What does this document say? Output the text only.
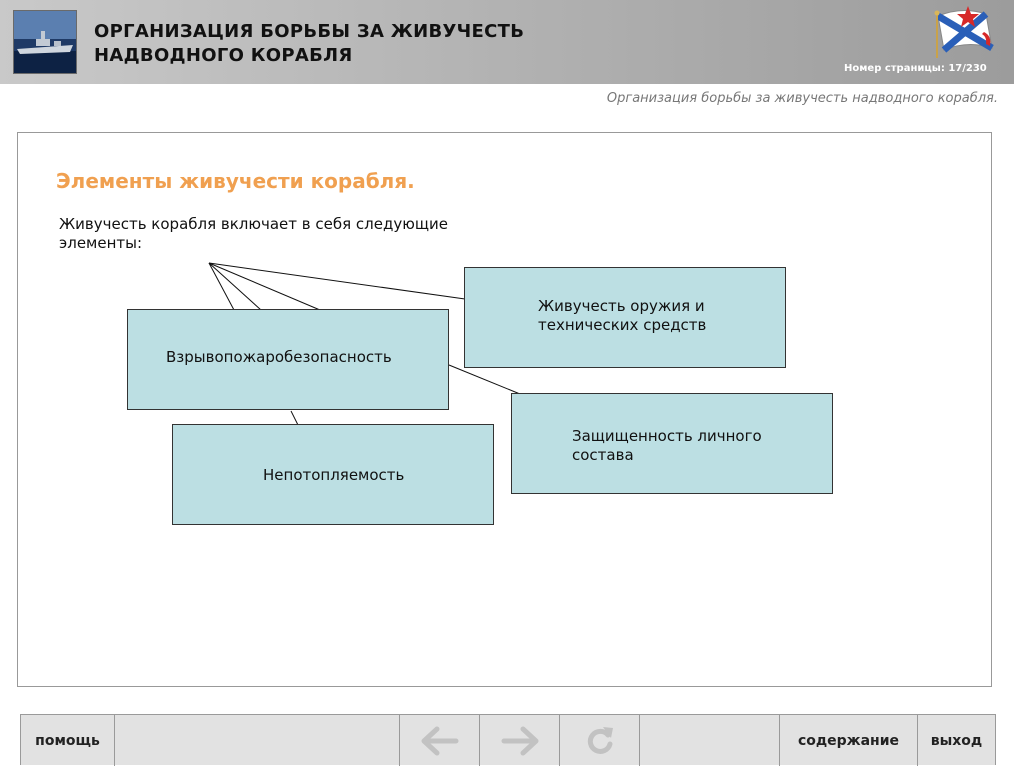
ОРГАНИЗАЦИЯ БОРЬБЫ ЗА ЖИВУЧЕСТЬ
НАДВОДНОГО КОРАБЛЯ
Номер страницы: 17/230
Организация борьбы за живучесть надводного корабля.
Элементы живучести корабля.
Живучесть корабля включает в себя следующие элементы:
Живучесть оружия и
технических средств
Взрывопожаробезопасность
Защищенность личного
состава
Непотопляемость
помощь	содержание	выход
